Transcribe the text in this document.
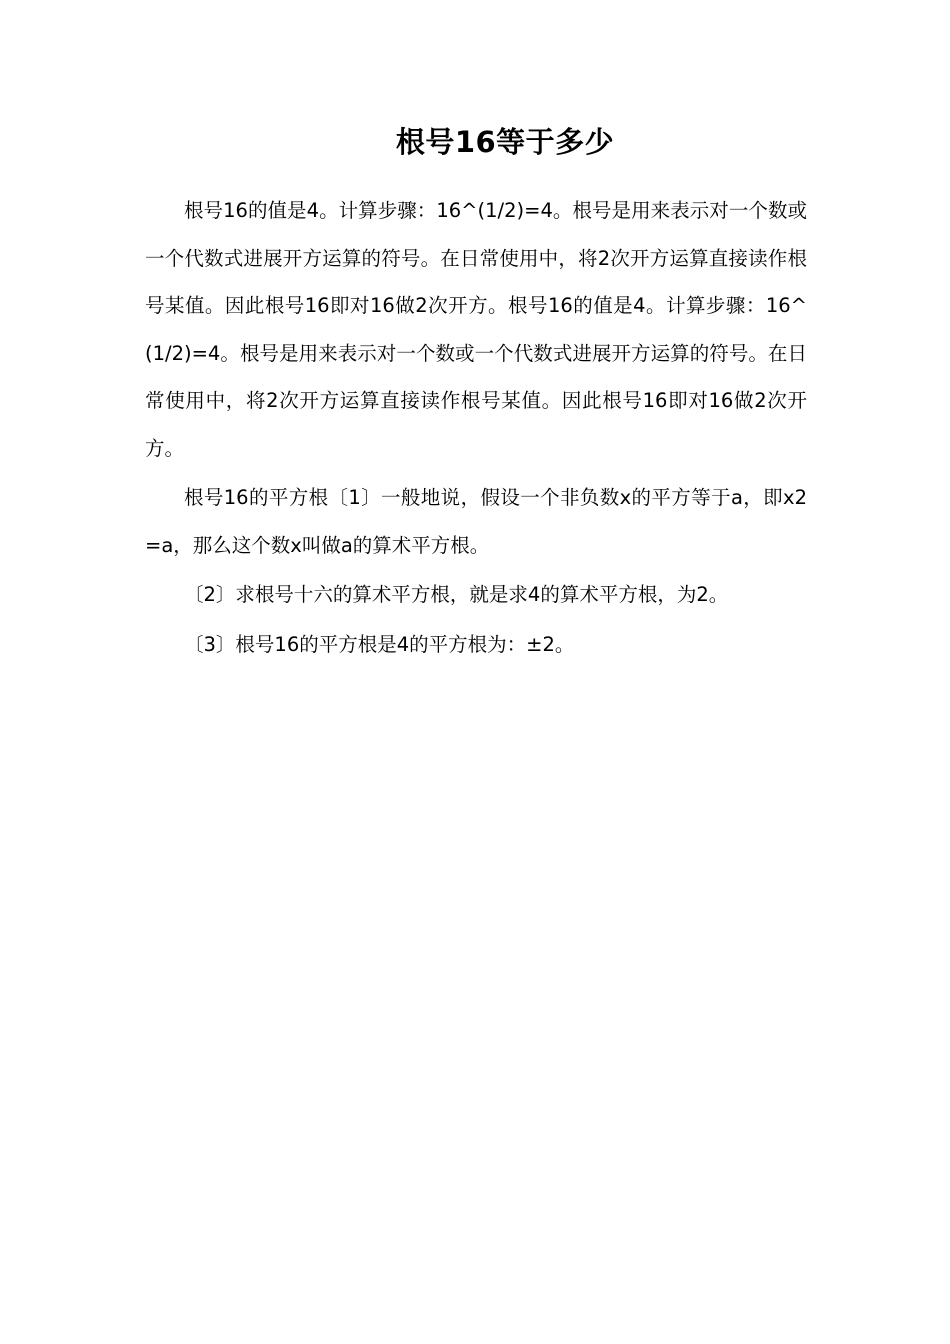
根号16等于多少

根号16的值是4。计算步骤：16^(1/2)=4。根号是用来表示对一个数或一个代数式进展开方运算的符号。在日常使用中，将2次开方运算直接读作根号某值。因此根号16即对16做2次开方。根号16的值是4。计算步骤：16^(1/2)=4。根号是用来表示对一个数或一个代数式进展开方运算的符号。在日常使用中，将2次开方运算直接读作根号某值。因此根号16即对16做2次开方。

根号16的平方根〔1〕一般地说，假设一个非负数x的平方等于a，即x2=a，那么这个数x叫做a的算术平方根。

〔2〕求根号十六的算术平方根，就是求4的算术平方根，为2。

〔3〕根号16的平方根是4的平方根为：±2。
